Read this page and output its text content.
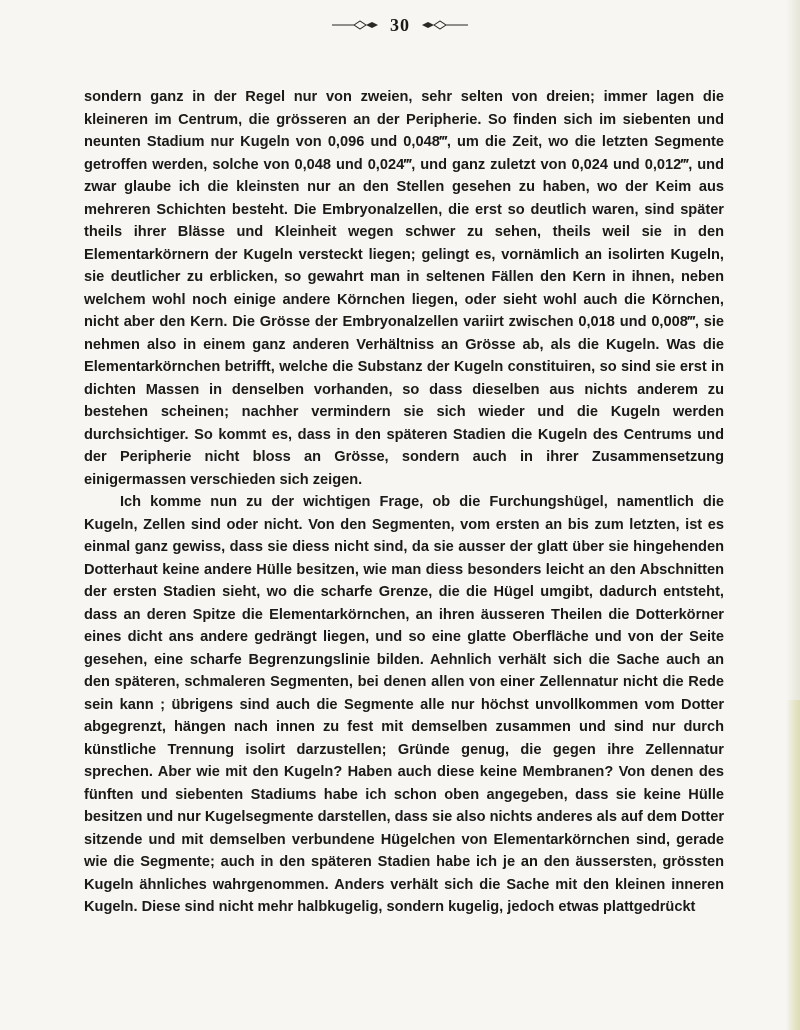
30

sondern ganz in der Regel nur von zweien, sehr selten von dreien; immer lagen die kleineren im Centrum, die grösseren an der Peripherie. So finden sich im siebenten und neunten Stadium nur Kugeln von 0,096 und 0,048‴, um die Zeit, wo die letzten Segmente getroffen werden, solche von 0,048 und 0,024‴, und ganz zuletzt von 0,024 und 0,012‴, und zwar glaube ich die kleinsten nur an den Stellen gesehen zu haben, wo der Keim aus mehreren Schichten besteht. Die Embryonalzellen, die erst so deutlich waren, sind später theils ihrer Blässe und Kleinheit wegen schwer zu sehen, theils weil sie in den Elementarkörnern der Kugeln versteckt liegen; gelingt es, vornämlich an isolirten Kugeln, sie deutlicher zu erblicken, so gewahrt man in seltenen Fällen den Kern in ihnen, neben welchem wohl noch einige andere Körnchen liegen, oder sieht wohl auch die Körnchen, nicht aber den Kern. Die Grösse der Embryonalzellen variirt zwischen 0,018 und 0,008‴, sie nehmen also in einem ganz anderen Verhältniss an Grösse ab, als die Kugeln. Was die Elementarkörnchen betrifft, welche die Substanz der Kugeln constituiren, so sind sie erst in dichten Massen in denselben vorhanden, so dass dieselben aus nichts anderem zu bestehen scheinen; nachher vermindern sie sich wieder und die Kugeln werden durchsichtiger. So kommt es, dass in den späteren Stadien die Kugeln des Centrums und der Peripherie nicht bloss an Grösse, sondern auch in ihrer Zusammensetzung einigermassen verschieden sich zeigen.

Ich komme nun zu der wichtigen Frage, ob die Furchungshügel, namentlich die Kugeln, Zellen sind oder nicht. Von den Segmenten, vom ersten an bis zum letzten, ist es einmal ganz gewiss, dass sie diess nicht sind, da sie ausser der glatt über sie hingehenden Dotterhaut keine andere Hülle besitzen, wie man diess besonders leicht an den Abschnitten der ersten Stadien sieht, wo die scharfe Grenze, die die Hügel umgibt, dadurch entsteht, dass an deren Spitze die Elementarkörnchen, an ihren äusseren Theilen die Dotterkörner eines dicht ans andere gedrängt liegen, und so eine glatte Oberfläche und von der Seite gesehen, eine scharfe Begrenzungslinie bilden. Aehnlich verhält sich die Sache auch an den späteren, schmaleren Segmenten, bei denen allen von einer Zellennatur nicht die Rede sein kann ; übrigens sind auch die Segmente alle nur höchst unvollkommen vom Dotter abgegrenzt, hängen nach innen zu fest mit demselben zusammen und sind nur durch künstliche Trennung isolirt darzustellen; Gründe genug, die gegen ihre Zellennatur sprechen. Aber wie mit den Kugeln? Haben auch diese keine Membranen? Von denen des fünften und siebenten Stadiums habe ich schon oben angegeben, dass sie keine Hülle besitzen und nur Kugelsegmente darstellen, dass sie also nichts anderes als auf dem Dotter sitzende und mit demselben verbundene Hügelchen von Elementarkörnchen sind, gerade wie die Segmente; auch in den späteren Stadien habe ich je an den äussersten, grössten Kugeln ähnliches wahrgenommen. Anders verhält sich die Sache mit den kleinen inneren Kugeln. Diese sind nicht mehr halbkugelig, sondern kugelig, jedoch etwas plattgedrückt
